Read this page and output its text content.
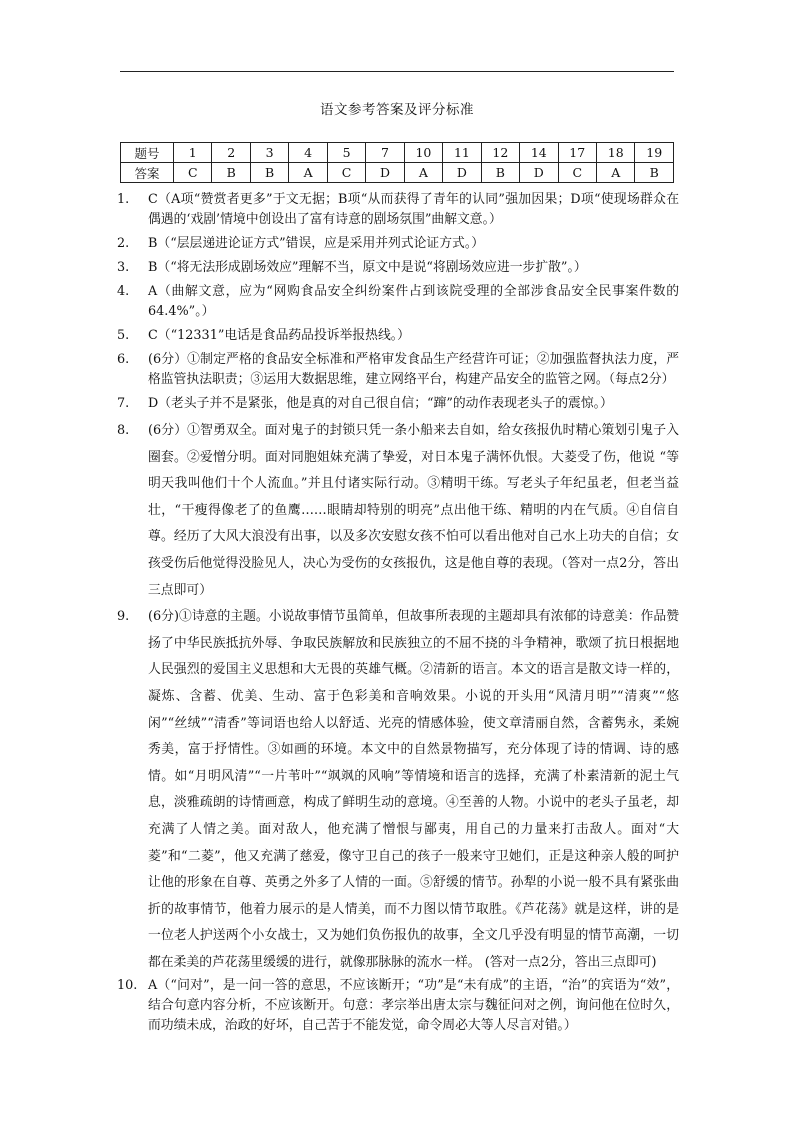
语文参考答案及评分标准
题号	1	2	3	4	5	7	10	11	12	14	17	18	19
答案	C	B	B	A	C	D	A	D	B	D	C	A	B
1. C（A项“赞赏者更多”于文无据；B项“从而获得了青年的认同”强加因果；D项“使现场群众在偶遇的‘戏剧’情境中创设出了富有诗意的剧场氛围”曲解文意。）
2. B（“层层递进论证方式”错误，应是采用并列式论证方式。）
3. B（“将无法形成剧场效应”理解不当，原文中是说“将剧场效应进一步扩散”。）
4. A（曲解文意，应为“网购食品安全纠纷案件占到该院受理的全部涉食品安全民事案件数的64.4%”。）
5. C（“12331”电话是食品药品投诉举报热线。）
6. (6分）①制定严格的食品安全标准和严格审发食品生产经营许可证；②加强监督执法力度，严格监管执法职责；③运用大数据思维，建立网络平台，构建产品安全的监管之网。（每点2分）
7. D（老头子并不是紧张，他是真的对自己很自信；“蹿”的动作表现老头子的震惊。）
8. (6分）①智勇双全。面对鬼子的封锁只凭一条小船来去自如，给女孩报仇时精心策划引鬼子入圈套。②爱憎分明。面对同胞姐妹充满了挚爱，对日本鬼子满怀仇恨。大菱受了伤，他说 “等明天我叫他们十个人流血。”并且付诸实际行动。③精明干练。写老头子年纪虽老，但老当益壮，“干瘦得像老了的鱼鹰……眼睛却特别的明亮”点出他干练、精明的内在气质。④自信自尊。经历了大风大浪没有出事，以及多次安慰女孩不怕可以看出他对自己水上功夫的自信；女孩受伤后他觉得没脸见人，决心为受伤的女孩报仇，这是他自尊的表现。（答对一点2分，答出三点即可）
9. (6分)①诗意的主题。小说故事情节虽简单，但故事所表现的主题却具有浓郁的诗意美：作品赞扬了中华民族抵抗外辱、争取民族解放和民族独立的不屈不挠的斗争精神，歌颂了抗日根据地人民强烈的爱国主义思想和大无畏的英雄气概。②清新的语言。本文的语言是散文诗一样的，凝炼、含蓄、优美、生动、富于色彩美和音响效果。小说的开头用“风清月明”“清爽”“悠闲”“丝绒”“清香”等词语也给人以舒适、光亮的情感体验，使文章清丽自然，含蓄隽永，柔婉秀美，富于抒情性。③如画的环境。本文中的自然景物描写，充分体现了诗的情调、诗的感情。如“月明风清”“一片苇叶”“飒飒的风响”等情境和语言的选择，充满了朴素清新的泥土气息，淡雅疏朗的诗情画意，构成了鲜明生动的意境。④至善的人物。小说中的老头子虽老，却充满了人情之美。面对敌人，他充满了憎恨与鄙夷，用自己的力量来打击敌人。面对“大菱”和“二菱”，他又充满了慈爱，像守卫自己的孩子一般来守卫她们，正是这种亲人般的呵护让他的形象在自尊、英勇之外多了人情的一面。⑤舒缓的情节。孙犁的小说一般不具有紧张曲折的故事情节，他着力展示的是人情美，而不力图以情节取胜。《芦花荡》就是这样，讲的是一位老人护送两个小女战士，又为她们负伤报仇的故事，全文几乎没有明显的情节高潮，一切都在柔美的芦花荡里缓缓的进行，就像那脉脉的流水一样。 (答对一点2分，答出三点即可)
10. A（“问对”，是一问一答的意思，不应该断开；“功”是“未有成”的主语，“治”的宾语为“效”，结合句意内容分析，不应该断开。句意：孝宗举出唐太宗与魏征问对之例，询问他在位时久，而功绩未成，治政的好坏，自己苦于不能发觉，命令周必大等人尽言对错。）
